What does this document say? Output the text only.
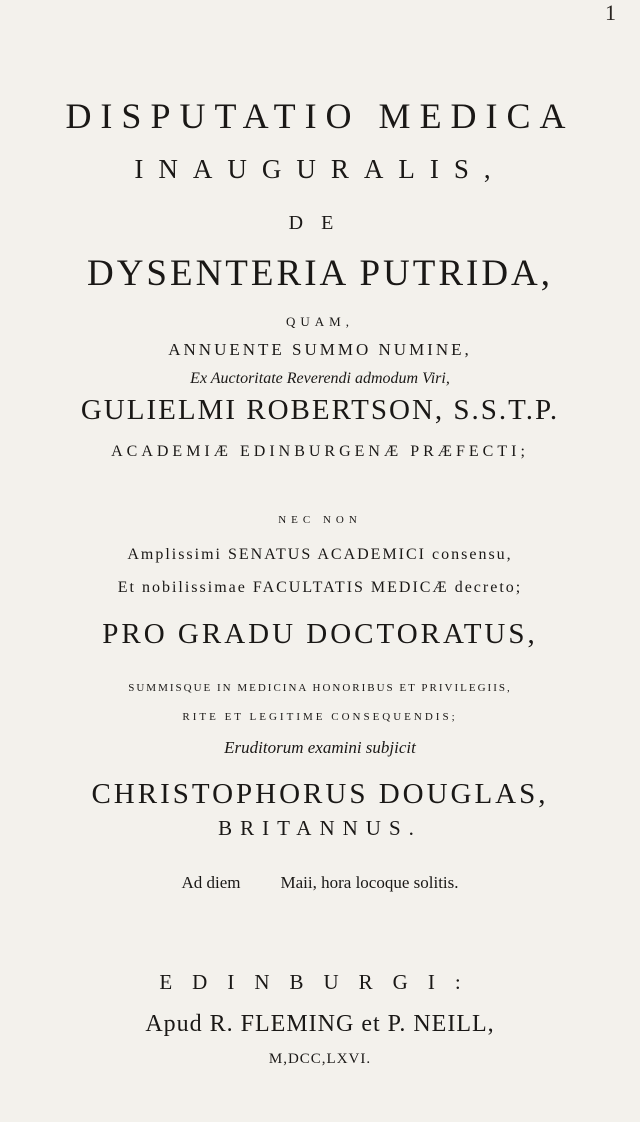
1
DISPUTATIO MEDICA
INAUGURALIS,
DE
DYSENTERIA PUTRIDA,
QUAM,
ANNUENTE SUMMO NUMINE,
Ex Auctoritate Reverendi admodum Viri,
GULIELMI ROBERTSON, S.S.T.P.
ACADEMIÆ EDINBURGENÆ PRÆFECTI;
NEC NON
Amplissimi SENATUS ACADEMICI consensu,
Et nobilissimae FACULTATIS MEDICÆ decreto;
PRO GRADU DOCTORATUS,
SUMMISQUE IN MEDICINA HONORIBUS ET PRIVILEGIIS,
RITE ET LEGITIME CONSEQUENDIS;
Eruditorum examini subjicit
CHRISTOPHORUS DOUGLAS,
BRITANNUS.
Ad diem Maii, hora locoque solitis.
EDINBURGI:
Apud R. FLEMING et P. NEILL,
M,DCC,LXVI.
